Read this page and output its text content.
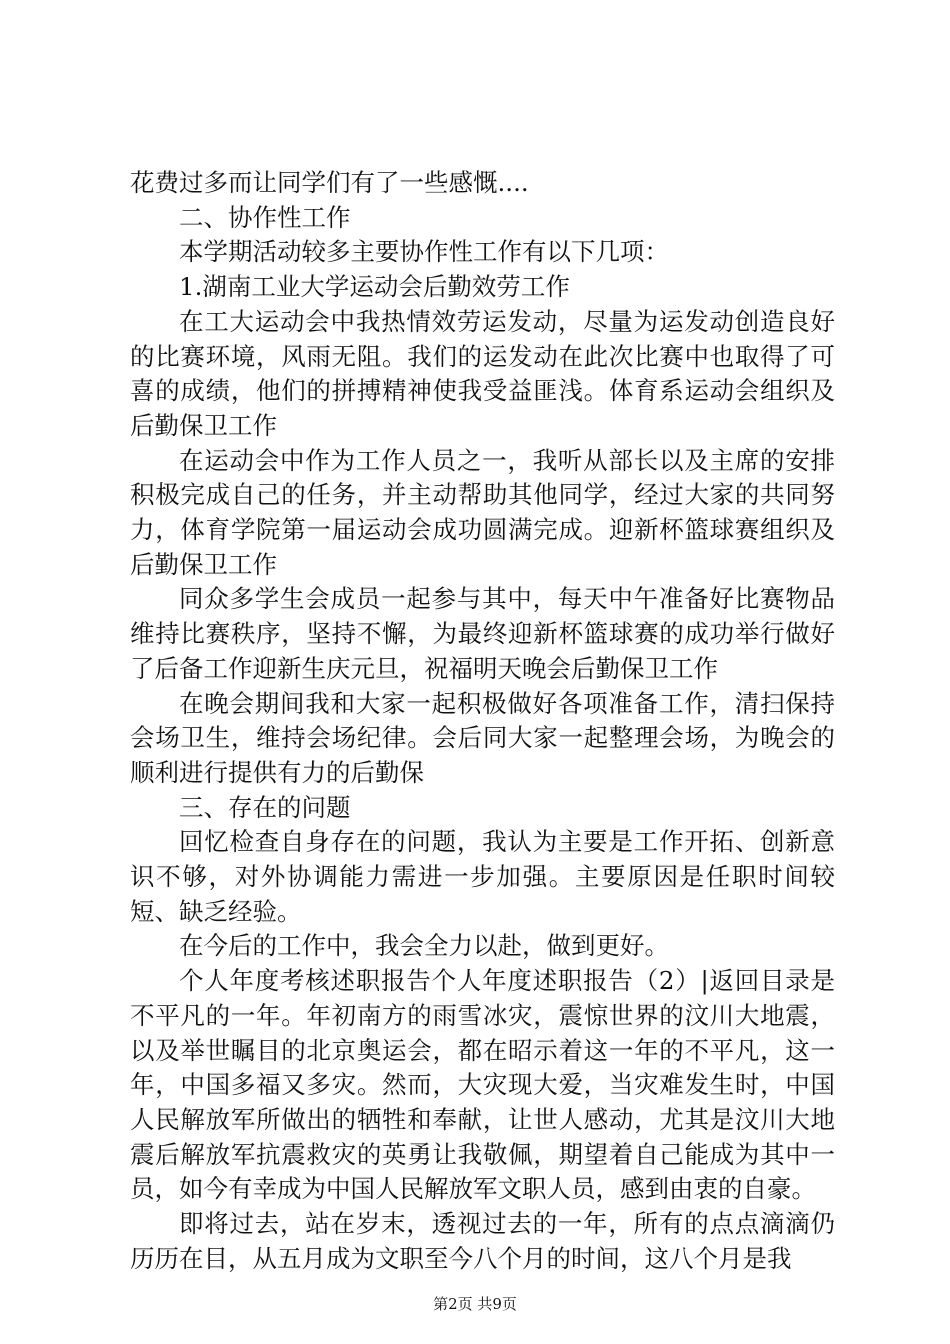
花费过多而让同学们有了一些感慨....

二、协作性工作

本学期活动较多主要协作性工作有以下几项：

1.湖南工业大学运动会后勤效劳工作

在工大运动会中我热情效劳运发动，尽量为运发动创造良好的比赛环境，风雨无阻。我们的运发动在此次比赛中也取得了可喜的成绩，他们的拼搏精神使我受益匪浅。体育系运动会组织及后勤保卫工作

在运动会中作为工作人员之一，我听从部长以及主席的安排积极完成自己的任务，并主动帮助其他同学，经过大家的共同努力，体育学院第一届运动会成功圆满完成。迎新杯篮球赛组织及后勤保卫工作

同众多学生会成员一起参与其中，每天中午准备好比赛物品维持比赛秩序，坚持不懈，为最终迎新杯篮球赛的成功举行做好了后备工作迎新生庆元旦，祝福明天晚会后勤保卫工作

在晚会期间我和大家一起积极做好各项准备工作，清扫保持会场卫生，维持会场纪律。会后同大家一起整理会场，为晚会的顺利进行提供有力的后勤保

三、存在的问题

回忆检查自身存在的问题，我认为主要是工作开拓、创新意识不够，对外协调能力需进一步加强。主要原因是任职时间较短、缺乏经验。

在今后的工作中，我会全力以赴，做到更好。

个人年度考核述职报告个人年度述职报告（2）|返回目录是不平凡的一年。年初南方的雨雪冰灾，震惊世界的汶川大地震，以及举世瞩目的北京奥运会，都在昭示着这一年的不平凡，这一年，中国多福又多灾。然而，大灾现大爱，当灾难发生时，中国人民解放军所做出的牺牲和奉献，让世人感动，尤其是汶川大地震后解放军抗震救灾的英勇让我敬佩，期望着自己能成为其中一员，如今有幸成为中国人民解放军文职人员，感到由衷的自豪。

即将过去，站在岁末，透视过去的一年，所有的点点滴滴仍历历在目，从五月成为文职至今八个月的时间，这八个月是我

第2页 共9页
